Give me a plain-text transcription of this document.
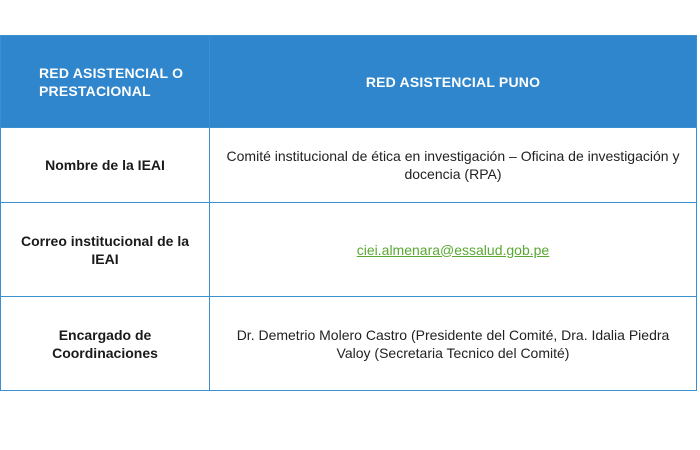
RED ASISTENCIAL O PRESTACIONAL	RED ASISTENCIAL PUNO
Nombre de la IEAI	Comité institucional de ética en investigación – Oficina de investigación y docencia (RPA)
Correo institucional de la IEAI	ciei.almenara@essalud.gob.pe
Encargado de Coordinaciones	Dr. Demetrio Molero Castro (Presidente del Comité, Dra. Idalia Piedra Valoy (Secretaria Tecnico del Comité)
